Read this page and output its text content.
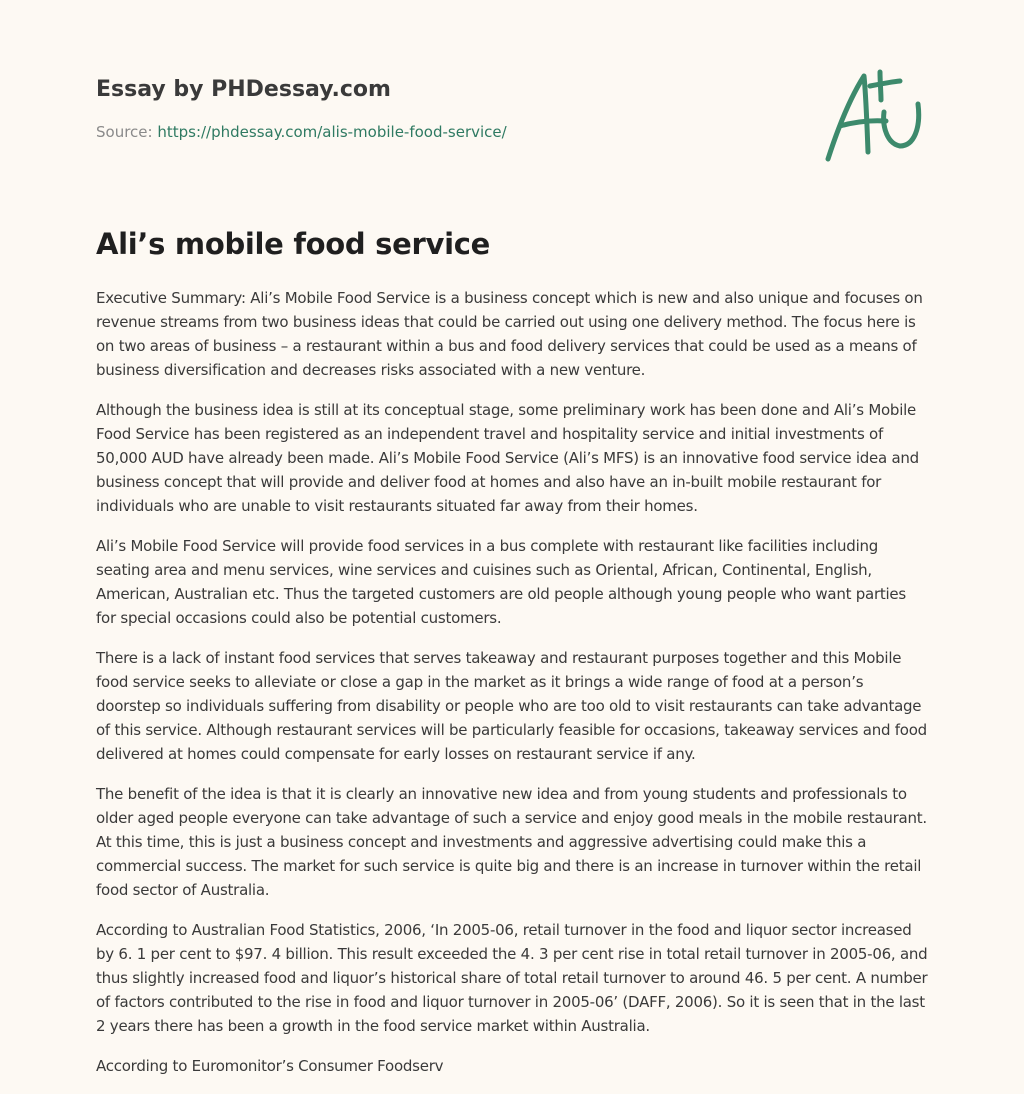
Essay by PHDessay.com
Source: https://phdessay.com/alis-mobile-food-service/
Ali’s mobile food service

Executive Summary: Ali’s Mobile Food Service is a business concept which is new and also unique and focuses on revenue streams from two business ideas that could be carried out using one delivery method. The focus here is on two areas of business – a restaurant within a bus and food delivery services that could be used as a means of business diversification and decreases risks associated with a new venture.

Although the business idea is still at its conceptual stage, some preliminary work has been done and Ali’s Mobile Food Service has been registered as an independent travel and hospitality service and initial investments of 50,000 AUD have already been made. Ali’s Mobile Food Service (Ali’s MFS) is an innovative food service idea and business concept that will provide and deliver food at homes and also have an in-built mobile restaurant for individuals who are unable to visit restaurants situated far away from their homes.

Ali’s Mobile Food Service will provide food services in a bus complete with restaurant like facilities including seating area and menu services, wine services and cuisines such as Oriental, African, Continental, English, American, Australian etc. Thus the targeted customers are old people although young people who want parties for special occasions could also be potential customers.

There is a lack of instant food services that serves takeaway and restaurant purposes together and this Mobile food service seeks to alleviate or close a gap in the market as it brings a wide range of food at a person’s doorstep so individuals suffering from disability or people who are too old to visit restaurants can take advantage of this service. Although restaurant services will be particularly feasible for occasions, takeaway services and food delivered at homes could compensate for early losses on restaurant service if any.

The benefit of the idea is that it is clearly an innovative new idea and from young students and professionals to older aged people everyone can take advantage of such a service and enjoy good meals in the mobile restaurant. At this time, this is just a business concept and investments and aggressive advertising could make this a commercial success. The market for such service is quite big and there is an increase in turnover within the retail food sector of Australia.

According to Australian Food Statistics, 2006, ‘In 2005-06, retail turnover in the food and liquor sector increased by 6. 1 per cent to $97. 4 billion. This result exceeded the 4. 3 per cent rise in total retail turnover in 2005-06, and thus slightly increased food and liquor’s historical share of total retail turnover to around 46. 5 per cent. A number of factors contributed to the rise in food and liquor turnover in 2005-06’ (DAFF, 2006). So it is seen that in the last 2 years there has been a growth in the food service market within Australia.

According to Euromonitor’s Consumer Foodserv
